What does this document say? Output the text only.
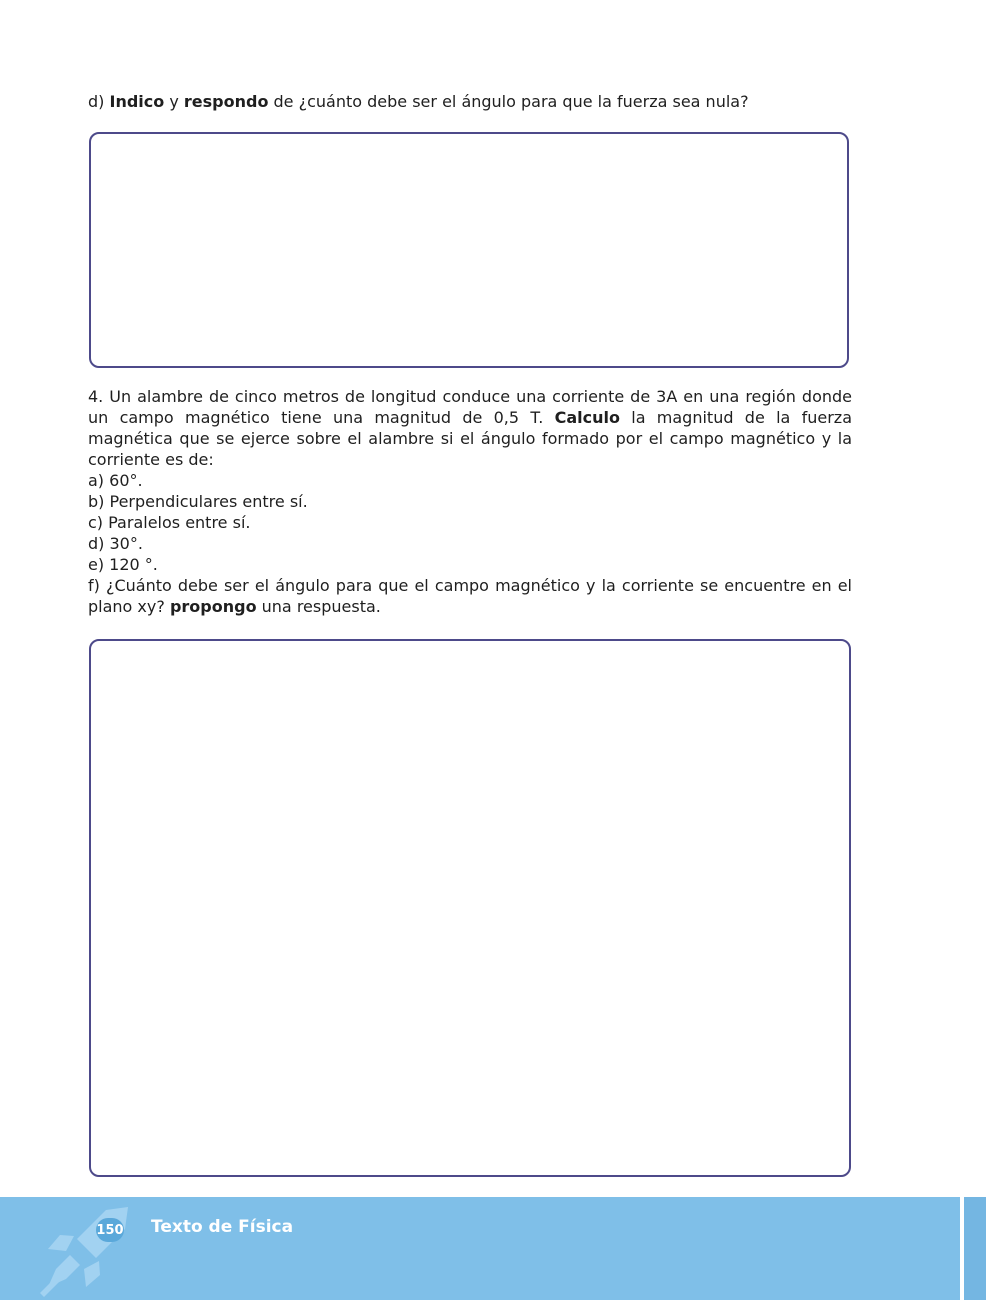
d) Indico y respondo de ¿cuánto debe ser el ángulo para que la fuerza sea nula?

4. Un alambre de cinco metros de longitud conduce una corriente de 3A en una región donde un campo magnético tiene una magnitud de 0,5 T. Calculo la magnitud de la fuerza magnética que se ejerce sobre el alambre si el ángulo formado por el campo magnético y la corriente es de:

a) 60°.
b) Perpendiculares entre sí.
c) Paralelos entre sí.
d) 30°.
e) 120 °.
f) ¿Cuánto debe ser el ángulo para que el campo magnético y la corriente se encuentre en el plano xy? propongo una respuesta.
150 Texto de Física
